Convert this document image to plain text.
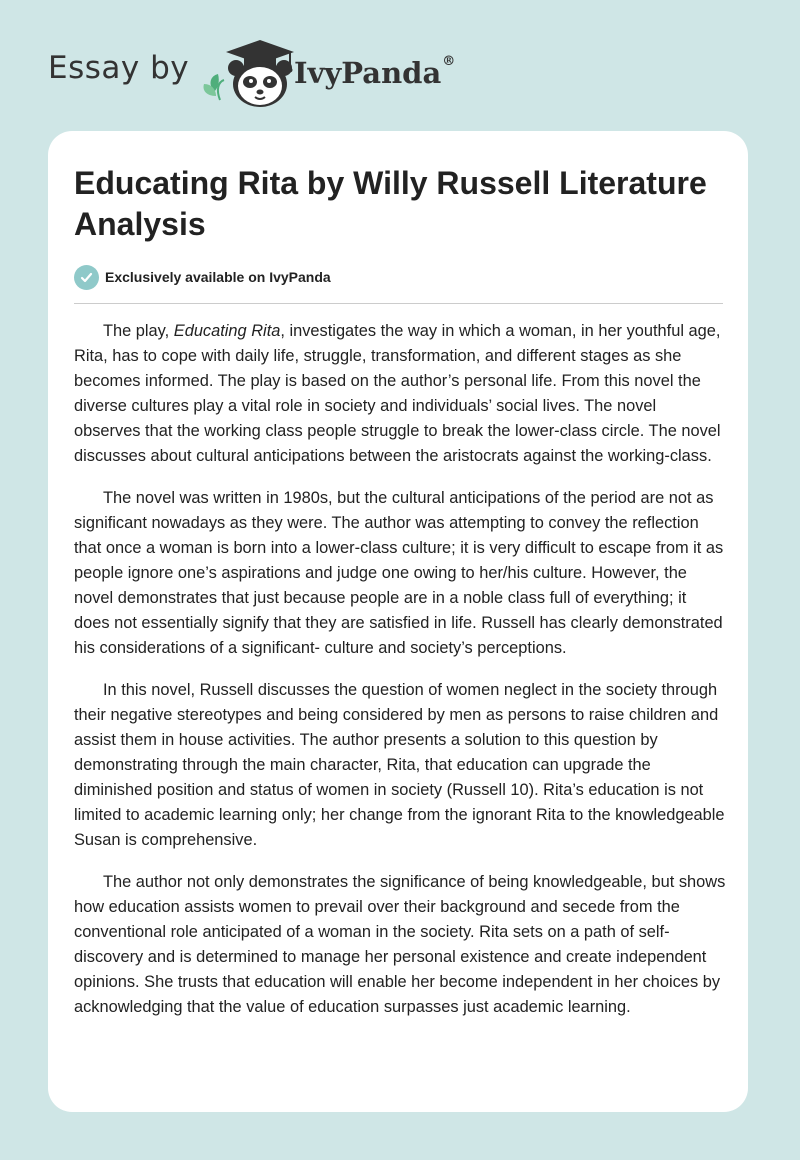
Essay by	IvyPanda®
Educating Rita by Willy Russell Literature Analysis
Exclusively available on IvyPanda

The play, Educating Rita, investigates the way in which a woman, in her youthful age, Rita, has to cope with daily life, struggle, transformation, and different stages as she becomes informed. The play is based on the author’s personal life. From this novel the diverse cultures play a vital role in society and individuals’ social lives. The novel observes that the working class people struggle to break the lower-class circle. The novel discusses about cultural anticipations between the aristocrats against the working-class.

The novel was written in 1980s, but the cultural anticipations of the period are not as significant nowadays as they were. The author was attempting to convey the reflection that once a woman is born into a lower-class culture; it is very difficult to escape from it as people ignore one’s aspirations and judge one owing to her/his culture. However, the novel demonstrates that just because people are in a noble class full of everything; it does not essentially signify that they are satisfied in life. Russell has clearly demonstrated his considerations of a significant- culture and society’s perceptions.

In this novel, Russell discusses the question of women neglect in the society through their negative stereotypes and being considered by men as persons to raise children and assist them in house activities. The author presents a solution to this question by demonstrating through the main character, Rita, that education can upgrade the diminished position and status of women in society (Russell 10). Rita’s education is not limited to academic learning only; her change from the ignorant Rita to the knowledgeable Susan is comprehensive.

The author not only demonstrates the significance of being knowledgeable, but shows how education assists women to prevail over their background and secede from the conventional role anticipated of a woman in the society. Rita sets on a path of self-discovery and is determined to manage her personal existence and create independent opinions. She trusts that education will enable her become independent in her choices by acknowledging that the value of education surpasses just academic learning.
